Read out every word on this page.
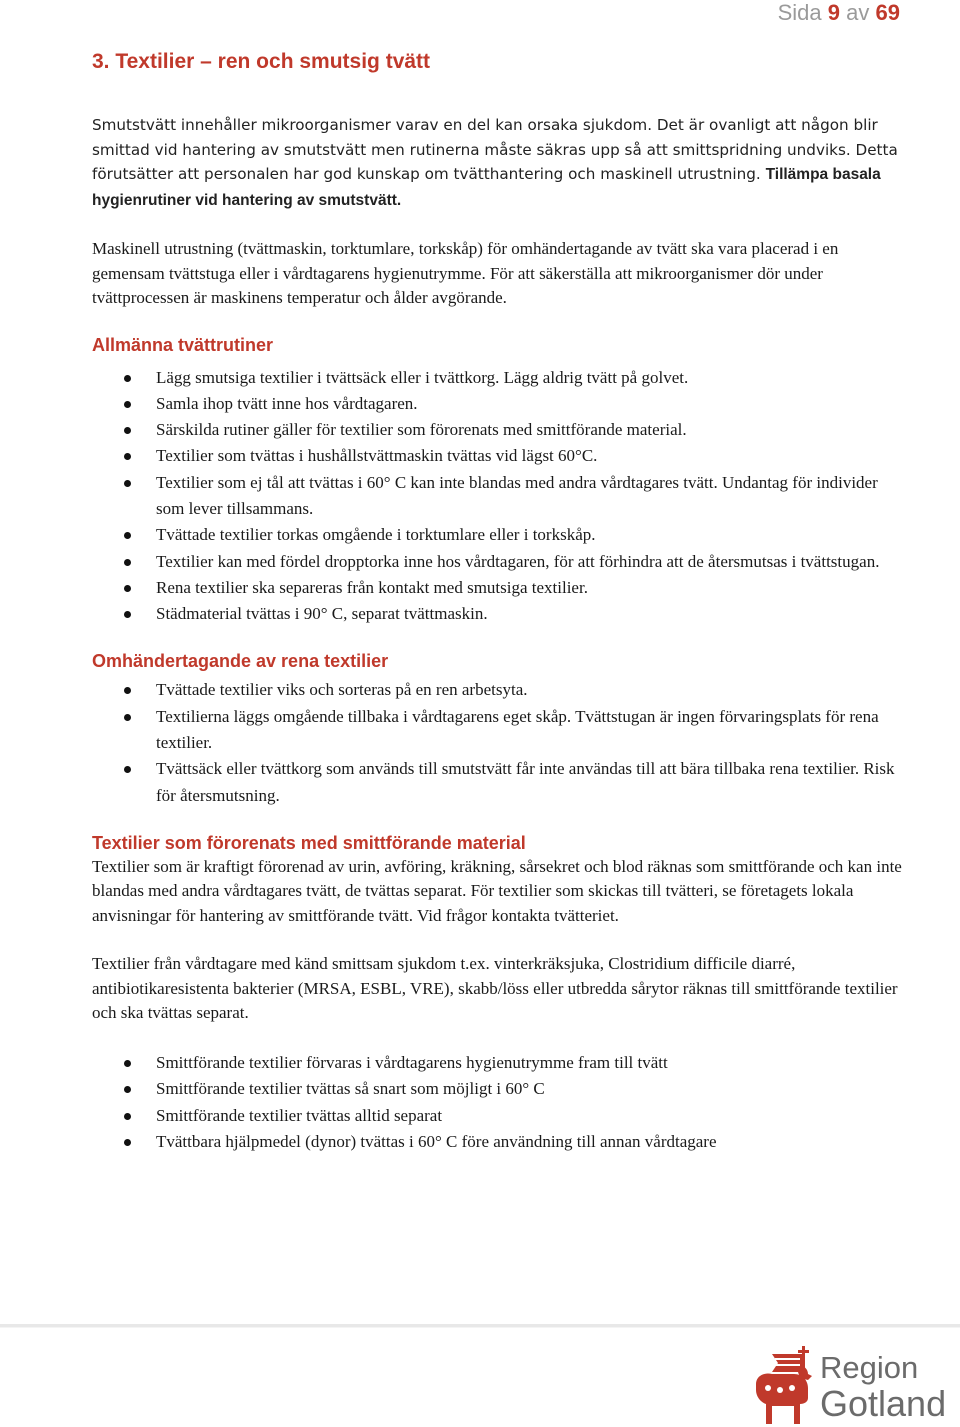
Sida 9 av 69
3. Textilier – ren och smutsig tvätt

Smutstvätt innehåller mikroorganismer varav en del kan orsaka sjukdom. Det är ovanligt att någon blir smittad vid hantering av smutstvätt men rutinerna måste säkras upp så att smittspridning undviks. Detta förutsätter att personalen har god kunskap om tvätthantering och maskinell utrustning. Tillämpa basala hygienrutiner vid hantering av smutstvätt.

Maskinell utrustning (tvättmaskin, torktumlare, torkskåp) för omhändertagande av tvätt ska vara placerad i en gemensam tvättstuga eller i vårdtagarens hygienutrymme. För att säkerställa att mikroorganismer dör under tvättprocessen är maskinens temperatur och ålder avgörande.

Allmänna tvättrutiner
Lägg smutsiga textilier i tvättsäck eller i tvättkorg. Lägg aldrig tvätt på golvet.
Samla ihop tvätt inne hos vårdtagaren.
Särskilda rutiner gäller för textilier som förorenats med smittförande material.
Textilier som tvättas i hushållstvättmaskin tvättas vid lägst 60°C.
Textilier som ej tål att tvättas i 60° C kan inte blandas med andra vårdtagares tvätt. Undantag för individer som lever tillsammans.
Tvättade textilier torkas omgående i torktumlare eller i torkskåp.
Textilier kan med fördel dropptorka inne hos vårdtagaren, för att förhindra att de återsmutsas i tvättstugan.
Rena textilier ska separeras från kontakt med smutsiga textilier.
Städmaterial tvättas i 90° C, separat tvättmaskin.
Omhändertagande av rena textilier
Tvättade textilier viks och sorteras på en ren arbetsyta.
Textilierna läggs omgående tillbaka i vårdtagarens eget skåp. Tvättstugan är ingen förvaringsplats för rena textilier.
Tvättsäck eller tvättkorg som används till smutstvätt får inte användas till att bära tillbaka rena textilier. Risk för återsmutsning.
Textilier som förorenats med smittförande material

Textilier som är kraftigt förorenad av urin, avföring, kräkning, sårsekret och blod räknas som smittförande och kan inte blandas med andra vårdtagares tvätt, de tvättas separat. För textilier som skickas till tvätteri, se företagets lokala anvisningar för hantering av smittförande tvätt. Vid frågor kontakta tvätteriet.

Textilier från vårdtagare med känd smittsam sjukdom t.ex. vinterkräksjuka, Clostridium difficile diarré, antibiotikaresistenta bakterier (MRSA, ESBL, VRE), skabb/löss eller utbredda sårytor räknas till smittförande textilier och ska tvättas separat.

Smittförande textilier förvaras i vårdtagarens hygienutrymme fram till tvätt
Smittförande textilier tvättas så snart som möjligt i 60° C
Smittförande textilier tvättas alltid separat
Tvättbara hjälpmedel (dynor) tvättas i 60° C före användning till annan vårdtagare
Region
Gotland
